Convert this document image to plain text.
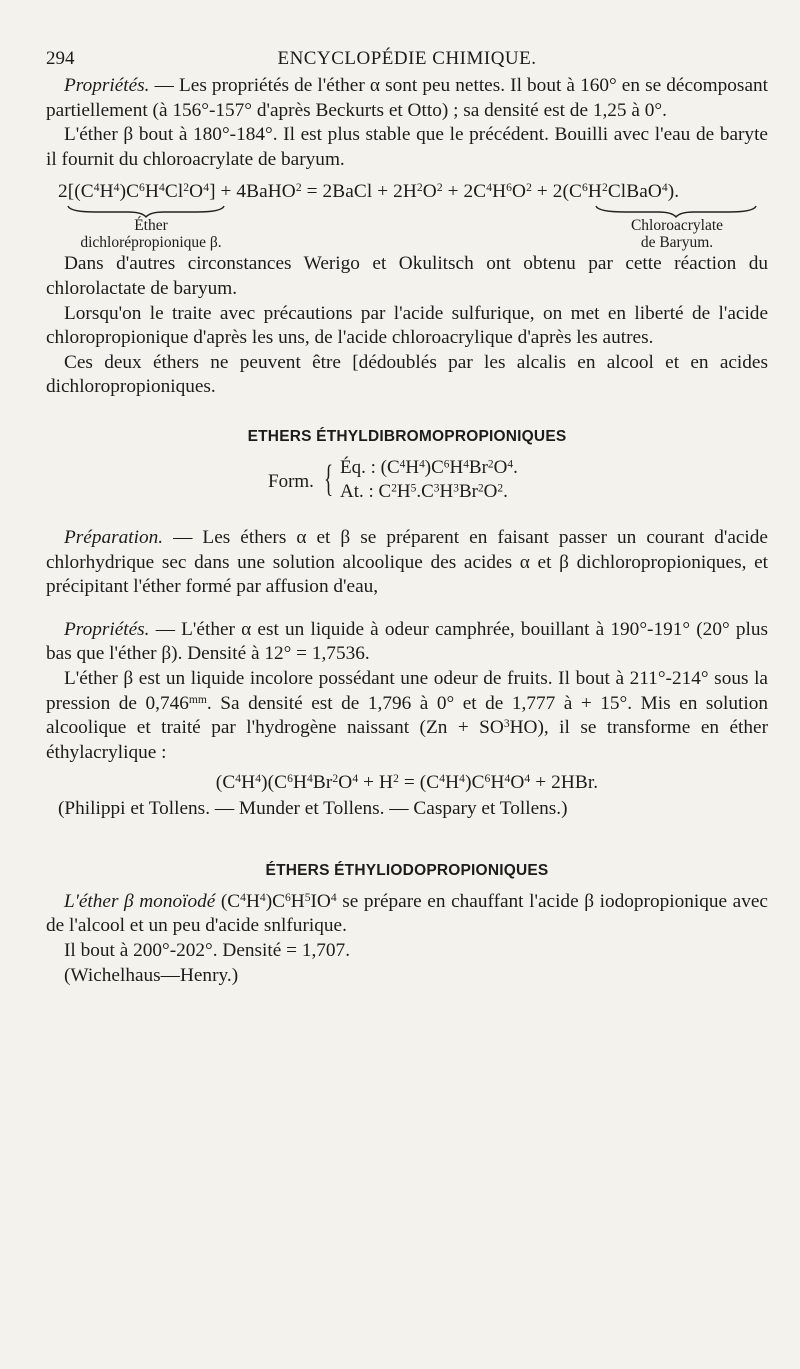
294	ENCYCLOPÉDIE CHIMIQUE.

Propriétés. — Les propriétés de l'éther α sont peu nettes. Il bout à 160° en se décomposant partiellement (à 156°-157° d'après Beckurts et Otto) ; sa densité est de 1,25 à 0°.

L'éther β bout à 180°-184°. Il est plus stable que le précédent. Bouilli avec l'eau de baryte il fournit du chloroacrylate de baryum.

$2[(C^4H^4)C^6H^4Cl^2O^4]$ + 4BaHO$^2$ = 2BaCl + $2H^2O^2 + 2C^4H^6O^2$ + $2(C^6H^2ClBaO^4)$.
Éther
dichlorépropionique β.
Chloroacrylate
de Baryum.

Dans d'autres circonstances Werigo et Okulitsch ont obtenu par cette réaction du chlorolactate de baryum.

Lorsqu'on le traite avec précautions par l'acide sulfurique, on met en liberté de l'acide chloropropionique d'après les uns, de l'acide chloroacrylique d'après les autres.

Ces deux éthers ne peuvent être [dédoublés par les alcalis en alcool et en acides dichloropropioniques.

ETHERS ÉTHYLDIBROMOPROPIONIQUES
Form. { Éq. : $(C^4H^4)C^6H^4Br^2O^4$.
At. : $C^2H^5.C^3H^3Br^2O^2$.

Préparation. — Les éthers α et β se préparent en faisant passer un courant d'acide chlorhydrique sec dans une solution alcoolique des acides α et β dichloropropioniques, et précipitant l'éther formé par affusion d'eau,

Propriétés. — L'éther α est un liquide à odeur camphrée, bouillant à 190°-191° (20° plus bas que l'éther β). Densité à 12° = 1,7536.

L'éther β est un liquide incolore possédant une odeur de fruits. Il bout à 211°-214° sous la pression de $0,746^{mm}$. Sa densité est de 1,796 à 0° et de 1,777 à + 15°. Mis en solution alcoolique et traité par l'hydrogène naissant $(Zn + SO^3HO)$, il se transforme en éther éthylacrylique :

$(C^4H^4)(C^6H^4Br^2O^4 + H^2 = (C^4H^4)C^6H^4O^4 + 2HBr$.

(Philippi et Tollens. — Munder et Tollens. — Caspary et Tollens.)

ÉTHERS ÉTHYLIODOPROPIONIQUES

L'éther β monoïodé $(C^4H^4)C^6H^5IO^4$ se prépare en chauffant l'acide β iodopropionique avec de l'alcool et un peu d'acide snlfurique.

Il bout à 200°-202°. Densité = 1,707.

(Wichelhaus—Henry.)
